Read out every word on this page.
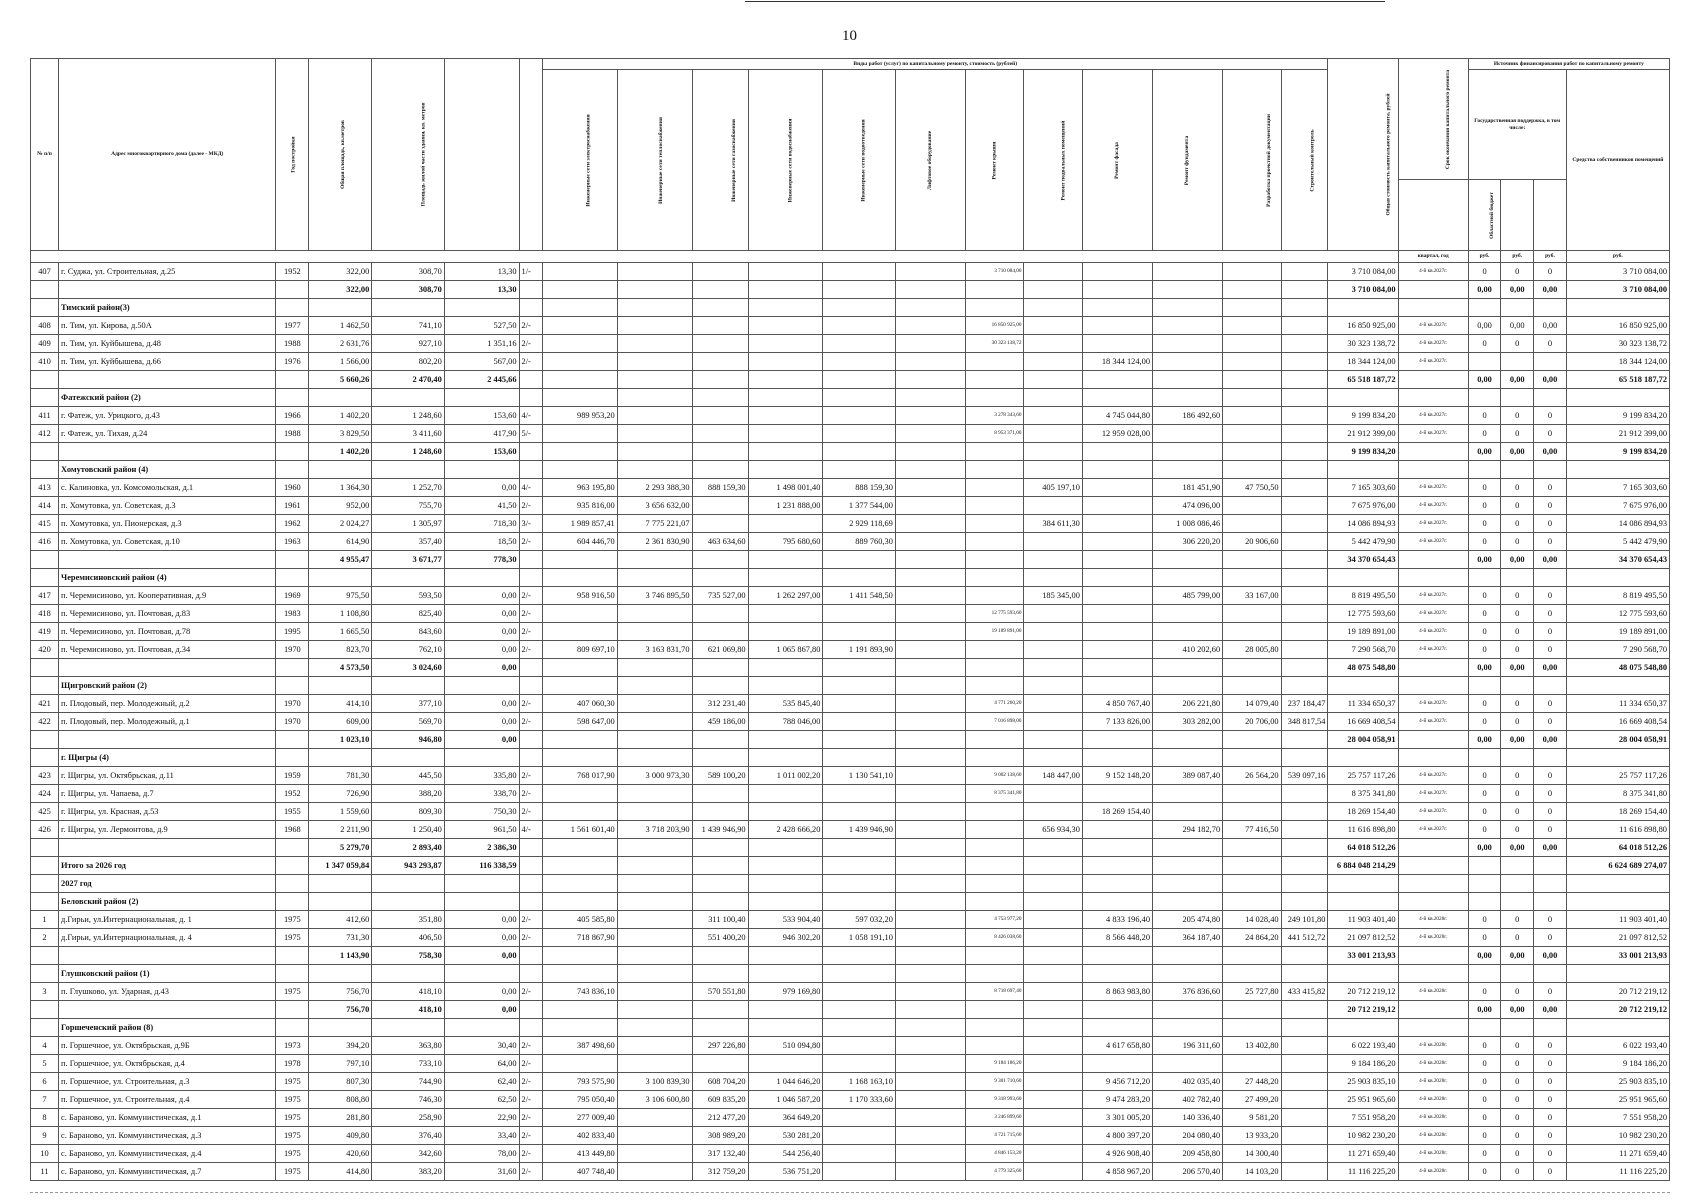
10
№ п/п	Адрес многоквартирного дома (далее - МКД)	Год постройки	Общая площадь, кв.метров	Площадь жилой части здания, кв. метров			Виды работ (услуг) по капитальному ремонту, стоимость (рублей)												Общая стоимость капитального ремонта, рублей	Срок окончания капитального ремонта	Источник финансирования работ по капитальному ремонту			
							Инженерные сети электроснабжения	Инженерные сети теплоснабжения	Инженерные сети газоснабжения	Инженерные сети водоснабжения	Инженерные сети водоотведения	Лифтовое оборудование	Ремонт крыши	Ремонт подвальных помещений	Ремонт фасада	Ремонт фундамента	Разработка проектной документации	Строительный контроль			Государственная поддержка, в том числе:			Средства собственников помещений
	Областной бюджет	
																				квартал, год	руб.	руб.	руб.	руб.
407	г. Суджа, ул. Строительная, д.25	1952	322,00	308,70	13,30	1/-							3 710 084,00						3 710 084,00	4-й кв.2027г.	0	0	0	3 710 084,00
			322,00	308,70	13,30														3 710 084,00		0,00	0,00	0,00	3 710 084,00
	Тимский район(3)																							
408	п. Тим, ул. Кирова, д.50А	1977	1 462,50	741,10	527,50	2/-							16 850 925,00						16 850 925,00	4-й кв.2027г.	0,00	0,00	0,00	16 850 925,00
409	п. Тим, ул. Куйбышева, д.48	1988	2 631,76	927,10	1 351,16	2/-							30 323 138,72						30 323 138,72	4-й кв.2027г.	0	0	0	30 323 138,72
410	п. Тим, ул. Куйбышева, д.66	1976	1 566,00	802,20	567,00	2/-									18 344 124,00				18 344 124,00	4-й кв.2027г.				18 344 124,00
			5 660,26	2 470,40	2 445,66														65 518 187,72		0,00	0,00	0,00	65 518 187,72
	Фатежский район (2)																							
411	г. Фатеж, ул. Урицкого, д.43	1966	1 402,20	1 248,60	153,60	4/-	989 953,20						3 278 343,60		4 745 044,80	186 492,60			9 199 834,20	4-й кв.2027г.	0	0	0	9 199 834,20
412	г. Фатеж, ул. Тихая, д.24	1988	3 829,50	3 411,60	417,90	5/-							8 953 371,00		12 959 028,00				21 912 399,00	4-й кв.2027г.	0	0	0	21 912 399,00
			1 402,20	1 248,60	153,60														9 199 834,20		0,00	0,00	0,00	9 199 834,20
	Хомутовский район (4)																							
413	с. Калиновка, ул. Комсомольская, д.1	1960	1 364,30	1 252,70	0,00	4/-	963 195,80	2 293 388,30	888 159,30	1 498 001,40	888 159,30			405 197,10		181 451,90	47 750,50		7 165 303,60	4-й кв.2027г.	0	0	0	7 165 303,60
414	п. Хомутовка, ул. Советская, д.3	1961	952,00	755,70	41,50	2/-	935 816,00	3 656 632,00		1 231 888,00	1 377 544,00					474 096,00			7 675 976,00	4-й кв.2027г.	0	0	0	7 675 976,00
415	п. Хомутовка, ул. Пионерская, д.3	1962	2 024,27	1 305,97	718,30	3/-	1 989 857,41	7 775 221,07			2 929 118,69			384 611,30		1 008 086,46			14 086 894,93	4-й кв.2027г.	0	0	0	14 086 894,93
416	п. Хомутовка, ул. Советская, д.10	1963	614,90	357,40	18,50	2/-	604 446,70	2 361 830,90	463 634,60	795 680,60	889 760,30					306 220,20	20 906,60		5 442 479,90	4-й кв.2027г.	0	0	0	5 442 479,90
			4 955,47	3 671,77	778,30														34 370 654,43		0,00	0,00	0,00	34 370 654,43
	Черемисиновский район (4)																							
417	п. Черемисиново, ул. Кооперативная, д.9	1969	975,50	593,50	0,00	2/-	958 916,50	3 746 895,50	735 527,00	1 262 297,00	1 411 548,50			185 345,00		485 799,00	33 167,00		8 819 495,50	4-й кв.2027г.	0	0	0	8 819 495,50
418	п. Черемисиново, ул. Почтовая, д.83	1983	1 108,80	825,40	0,00	2/-							12 775 593,60						12 775 593,60	4-й кв.2027г.	0	0	0	12 775 593,60
419	п. Черемисиново, ул. Почтовая, д.78	1995	1 665,50	843,60	0,00	2/-							19 189 891,00						19 189 891,00	4-й кв.2027г.	0	0	0	19 189 891,00
420	п. Черемисиново, ул. Почтовая, д.34	1970	823,70	762,10	0,00	2/-	809 697,10	3 163 831,70	621 069,80	1 065 867,80	1 191 893,90					410 202,60	28 005,80		7 290 568,70	4-й кв.2027г.	0	0	0	7 290 568,70
			4 573,50	3 024,60	0,00														48 075 548,80		0,00	0,00	0,00	48 075 548,80
	Щигровский район (2)																							
421	п. Плодовый, пер. Молодежный, д.2	1970	414,10	377,10	0,00	2/-	407 060,30		312 231,40	535 845,40			4 771 260,20		4 850 767,40	206 221,80	14 079,40	237 184,47	11 334 650,37	4-й кв.2027г.	0	0	0	11 334 650,37
422	п. Плодовый, пер. Молодежный, д.1	1970	609,00	569,70	0,00	2/-	598 647,00		459 186,00	788 046,00			7 016 898,00		7 133 826,00	303 282,00	20 706,00	348 817,54	16 669 408,54	4-й кв.2027г.	0	0	0	16 669 408,54
			1 023,10	946,80	0,00														28 004 058,91		0,00	0,00	0,00	28 004 058,91
	г. Щигры (4)																							
423	г. Щигры, ул. Октябрьская, д.11	1959	781,30	445,50	335,80	2/-	768 017,90	3 000 973,30	589 100,20	1 011 002,20	1 130 541,10		9 002 138,60	148 447,00	9 152 148,20	389 087,40	26 564,20	539 097,16	25 757 117,26	4-й кв.2027г.	0	0	0	25 757 117,26
424	г. Щигры, ул. Чапаева, д.7	1952	726,90	388,20	338,70	2/-							8 375 341,80						8 375 341,80	4-й кв.2027г.	0	0	0	8 375 341,80
425	г. Щигры, ул. Красная, д.53	1955	1 559,60	809,30	750,30	2/-									18 269 154,40				18 269 154,40	4-й кв.2027г.	0	0	0	18 269 154,40
426	г. Щигры, ул. Лермонтова, д.9	1968	2 211,90	1 250,40	961,50	4/-	1 561 601,40	3 718 203,90	1 439 946,90	2 428 666,20	1 439 946,90			656 934,30		294 182,70	77 416,50		11 616 898,80	4-й кв.2027г.	0	0	0	11 616 898,80
			5 279,70	2 893,40	2 386,30														64 018 512,26		0,00	0,00	0,00	64 018 512,26
	Итого за 2026 год		1 347 059,84	943 293,87	116 338,59														6 884 048 214,29					6 624 689 274,07
	2027 год																							
	Беловский район (2)																							
1	д.Гирьи, ул.Интернациональная, д. 1	1975	412,60	351,80	0,00	2/-	405 585,80		311 100,40	533 904,40	597 032,20		4 753 977,20		4 833 196,40	205 474,80	14 028,40	249 101,80	11 903 401,40	4-й кв.2028г.	0	0	0	11 903 401,40
2	д.Гирьи, ул.Интернациональная, д. 4	1975	731,30	406,50	0,00	2/-	718 867,90		551 400,20	946 302,20	1 058 191,10		8 426 038,60		8 566 448,20	364 187,40	24 864,20	441 512,72	21 097 812,52	4-й кв.2028г.	0	0	0	21 097 812,52
			1 143,90	758,30	0,00														33 001 213,93		0,00	0,00	0,00	33 001 213,93
	Глушковский район (1)																							
3	п. Глушково, ул. Ударная, д.43	1975	756,70	418,10	0,00	2/-	743 836,10		570 551,80	979 169,80			8 718 697,40		8 863 983,80	376 836,60	25 727,80	433 415,82	20 712 219,12	4-й кв.2028г.	0	0	0	20 712 219,12
			756,70	418,10	0,00														20 712 219,12		0,00	0,00	0,00	20 712 219,12
	Горшеченский район (8)																							
4	п. Горшечное, ул. Октябрьская, д.9Б	1973	394,20	363,80	30,40	2/-	387 498,60		297 226,80	510 094,80					4 617 658,80	196 311,60	13 402,80		6 022 193,40	4-й кв.2028г.	0	0	0	6 022 193,40
5	п. Горшечное, ул. Октябрьская, д.4	1978	797,10	733,10	64,00	2/-							9 184 186,20						9 184 186,20	4-й кв.2028г.	0	0	0	9 184 186,20
6	п. Горшечное, ул. Строительная, д.3	1975	807,30	744,90	62,40	2/-	793 575,90	3 100 839,30	608 704,20	1 044 646,20	1 168 163,10		9 301 710,60		9 456 712,20	402 035,40	27 448,20		25 903 835,10	4-й кв.2028г.	0	0	0	25 903 835,10
7	п. Горшечное, ул. Строительная, д.4	1975	808,80	746,30	62,50	2/-	795 050,40	3 106 600,80	609 835,20	1 046 587,20	1 170 333,60		9 318 993,60		9 474 283,20	402 782,40	27 499,20		25 951 965,60	4-й кв.2028г.	0	0	0	25 951 965,60
8	с. Бараново, ул. Коммунистическая, д.1	1975	281,80	258,90	22,90	2/-	277 009,40		212 477,20	364 649,20			3 246 899,60		3 301 005,20	140 336,40	9 581,20		7 551 958,20	4-й кв.2028г.	0	0	0	7 551 958,20
9	с. Бараново, ул. Коммунистическая, д.3	1975	409,80	376,40	33,40	2/-	402 833,40		308 989,20	530 281,20			4 721 715,60		4 800 397,20	204 080,40	13 933,20		10 982 230,20	4-й кв.2028г.	0	0	0	10 982 230,20
10	с. Бараново, ул. Коммунистическая, д.4	1975	420,60	342,60	78,00	2/-	413 449,80		317 132,40	544 256,40			4 846 153,20		4 926 908,40	209 458,80	14 300,40		11 271 659,40	4-й кв.2028г.	0	0	0	11 271 659,40
11	с. Бараново, ул. Коммунистическая, д.7	1975	414,80	383,20	31,60	2/-	407 748,40		312 759,20	536 751,20			4 779 325,60		4 858 967,20	206 570,40	14 103,20		11 116 225,20	4-й кв.2028г.	0	0	0	11 116 225,20
